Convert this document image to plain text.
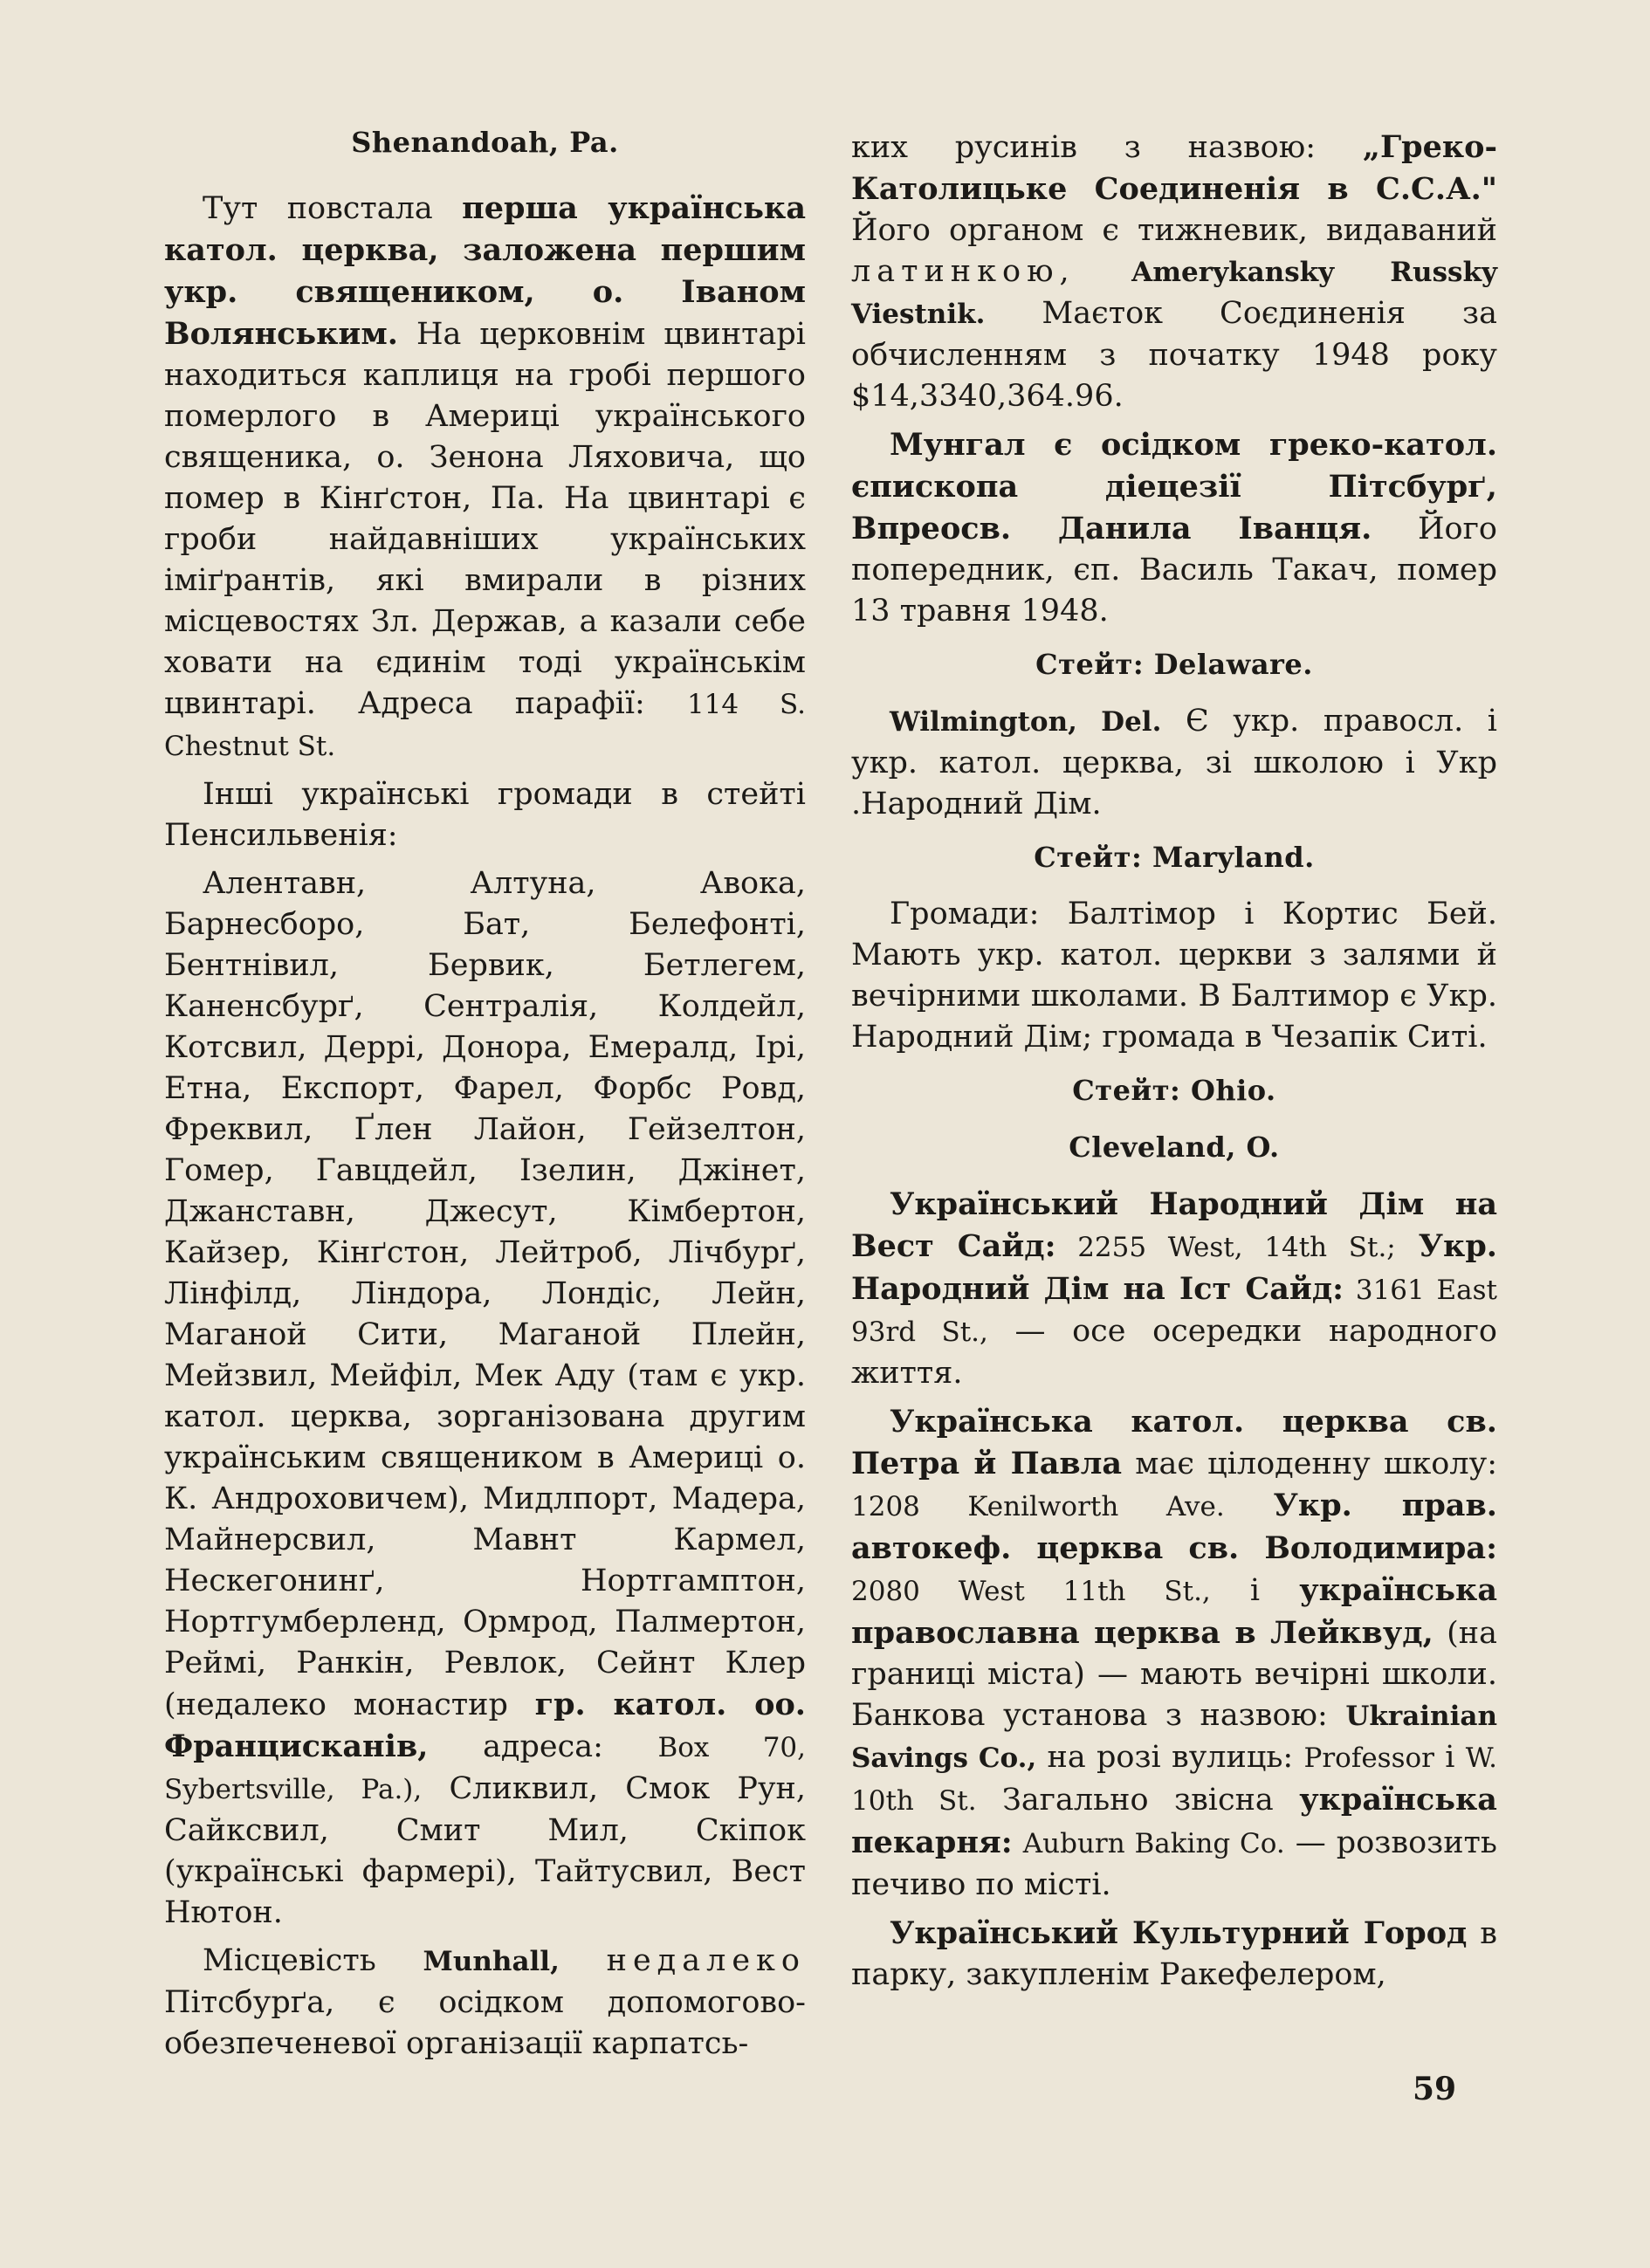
Shenandoah, Pa.

Тут повстала перша українська катол. церква, заложена першим укр. священиком, о. Іваном Волянським. На церковнім цвинтарі находиться каплиця на гробі першого померлого в Америці українського священика, о. Зенона Ляховича, що помер в Кінґстон, Па. На цвинтарі є гроби найдавніших українських іміґрантів, які вмирали в різних місцевостях Зл. Держав, а казали себе ховати на єдинім тоді українськім цвинтарі. Адреса парафії: 114 S. Chestnut St.

Інші українські громади в стейті Пенсильвенія:

Алентавн, Алтуна, Авока, Барнесборо, Бат, Белефонті, Бентнівил, Бервик, Бетлегем, Каненсбурґ, Сентралія, Колдейл, Котсвил, Деррі, Донора, Емералд, Ірі, Етна, Експорт, Фарел, Форбс Ровд, Фреквил, Ґлен Лайон, Гейзелтон, Гомер, Гавцдейл, Ізелин, Джінет, Джанставн, Джесут, Кімбертон, Кайзер, Кінґстон, Лейтроб, Лічбурґ, Лінфілд, Ліндора, Лондіс, Лейн, Маганой Сити, Маганой Плейн, Мейзвил, Мейфіл, Мек Аду (там є укр. катол. церква, зорганізована другим українським священиком в Америці о. К. Андроховичем), Мидлпорт, Мадера, Майнерсвил, Мавнт Кармел, Нескегонинґ, Нортгамптон, Нортгумберленд, Ормрод, Палмертон, Реймі, Ранкін, Ревлок, Сейнт Клер (недалеко монастир гр. катол. оо. Францисканів, адреса: Box 70, Sybertsville, Pa.), Сликвил, Смок Рун, Сайксвил, Смит Мил, Скіпок (українські фармері), Тайтусвил, Вест Нютон.

Місцевість Munhall, недалеко Пітсбурґа, є осідком допомогово-обезпеченевої організації карпатсь-

ких русинів з назвою: „Греко-Католицьке Соединенія в С.С.А." Його органом є тижневик, видаваний латинкою, Amerykansky Russky Viestnik. Маєток Соєдиненія за обчисленням з початку 1948 року $14,3340,364.96.

Мунгал є осідком греко-катол. єпископа діецезії Пітсбурґ, Впреосв. Данила Іванця. Його попередник, єп. Василь Такач, помер 13 травня 1948.

Стейт: Delaware.

Wilmington, Del. Є укр. правосл. і укр. катол. церква, зі школою і Укр .Народний Дім.

Стейт: Maryland.

Громади: Балтімор і Кортис Бей. Мають укр. катол. церкви з залями й вечірними школами. В Балтимор є Укр. Народний Дім; громада в Чезапік Ситі.

Стейт: Ohio.
Cleveland, O.

Український Народний Дім на Вест Сайд: 2255 West, 14th St.; Укр. Народний Дім на Іст Сайд: 3161 East 93rd St., — осе осередки народного життя.

Українська катол. церква св. Петра й Павла має цілоденну школу: 1208 Kenilworth Ave. Укр. прав. автокеф. церква св. Володимира: 2080 West 11th St., і українська православна церква в Лейквуд, (на границі міста) — мають вечірні школи. Банкова установа з назвою: Ukrainian Savings Co., на розі вулиць: Professor і W. 10th St. Загально звісна українська пекарня: Auburn Baking Co. — розвозить печиво по місті.

Український Культурний Город в парку, закупленім Ракефелером,

59
